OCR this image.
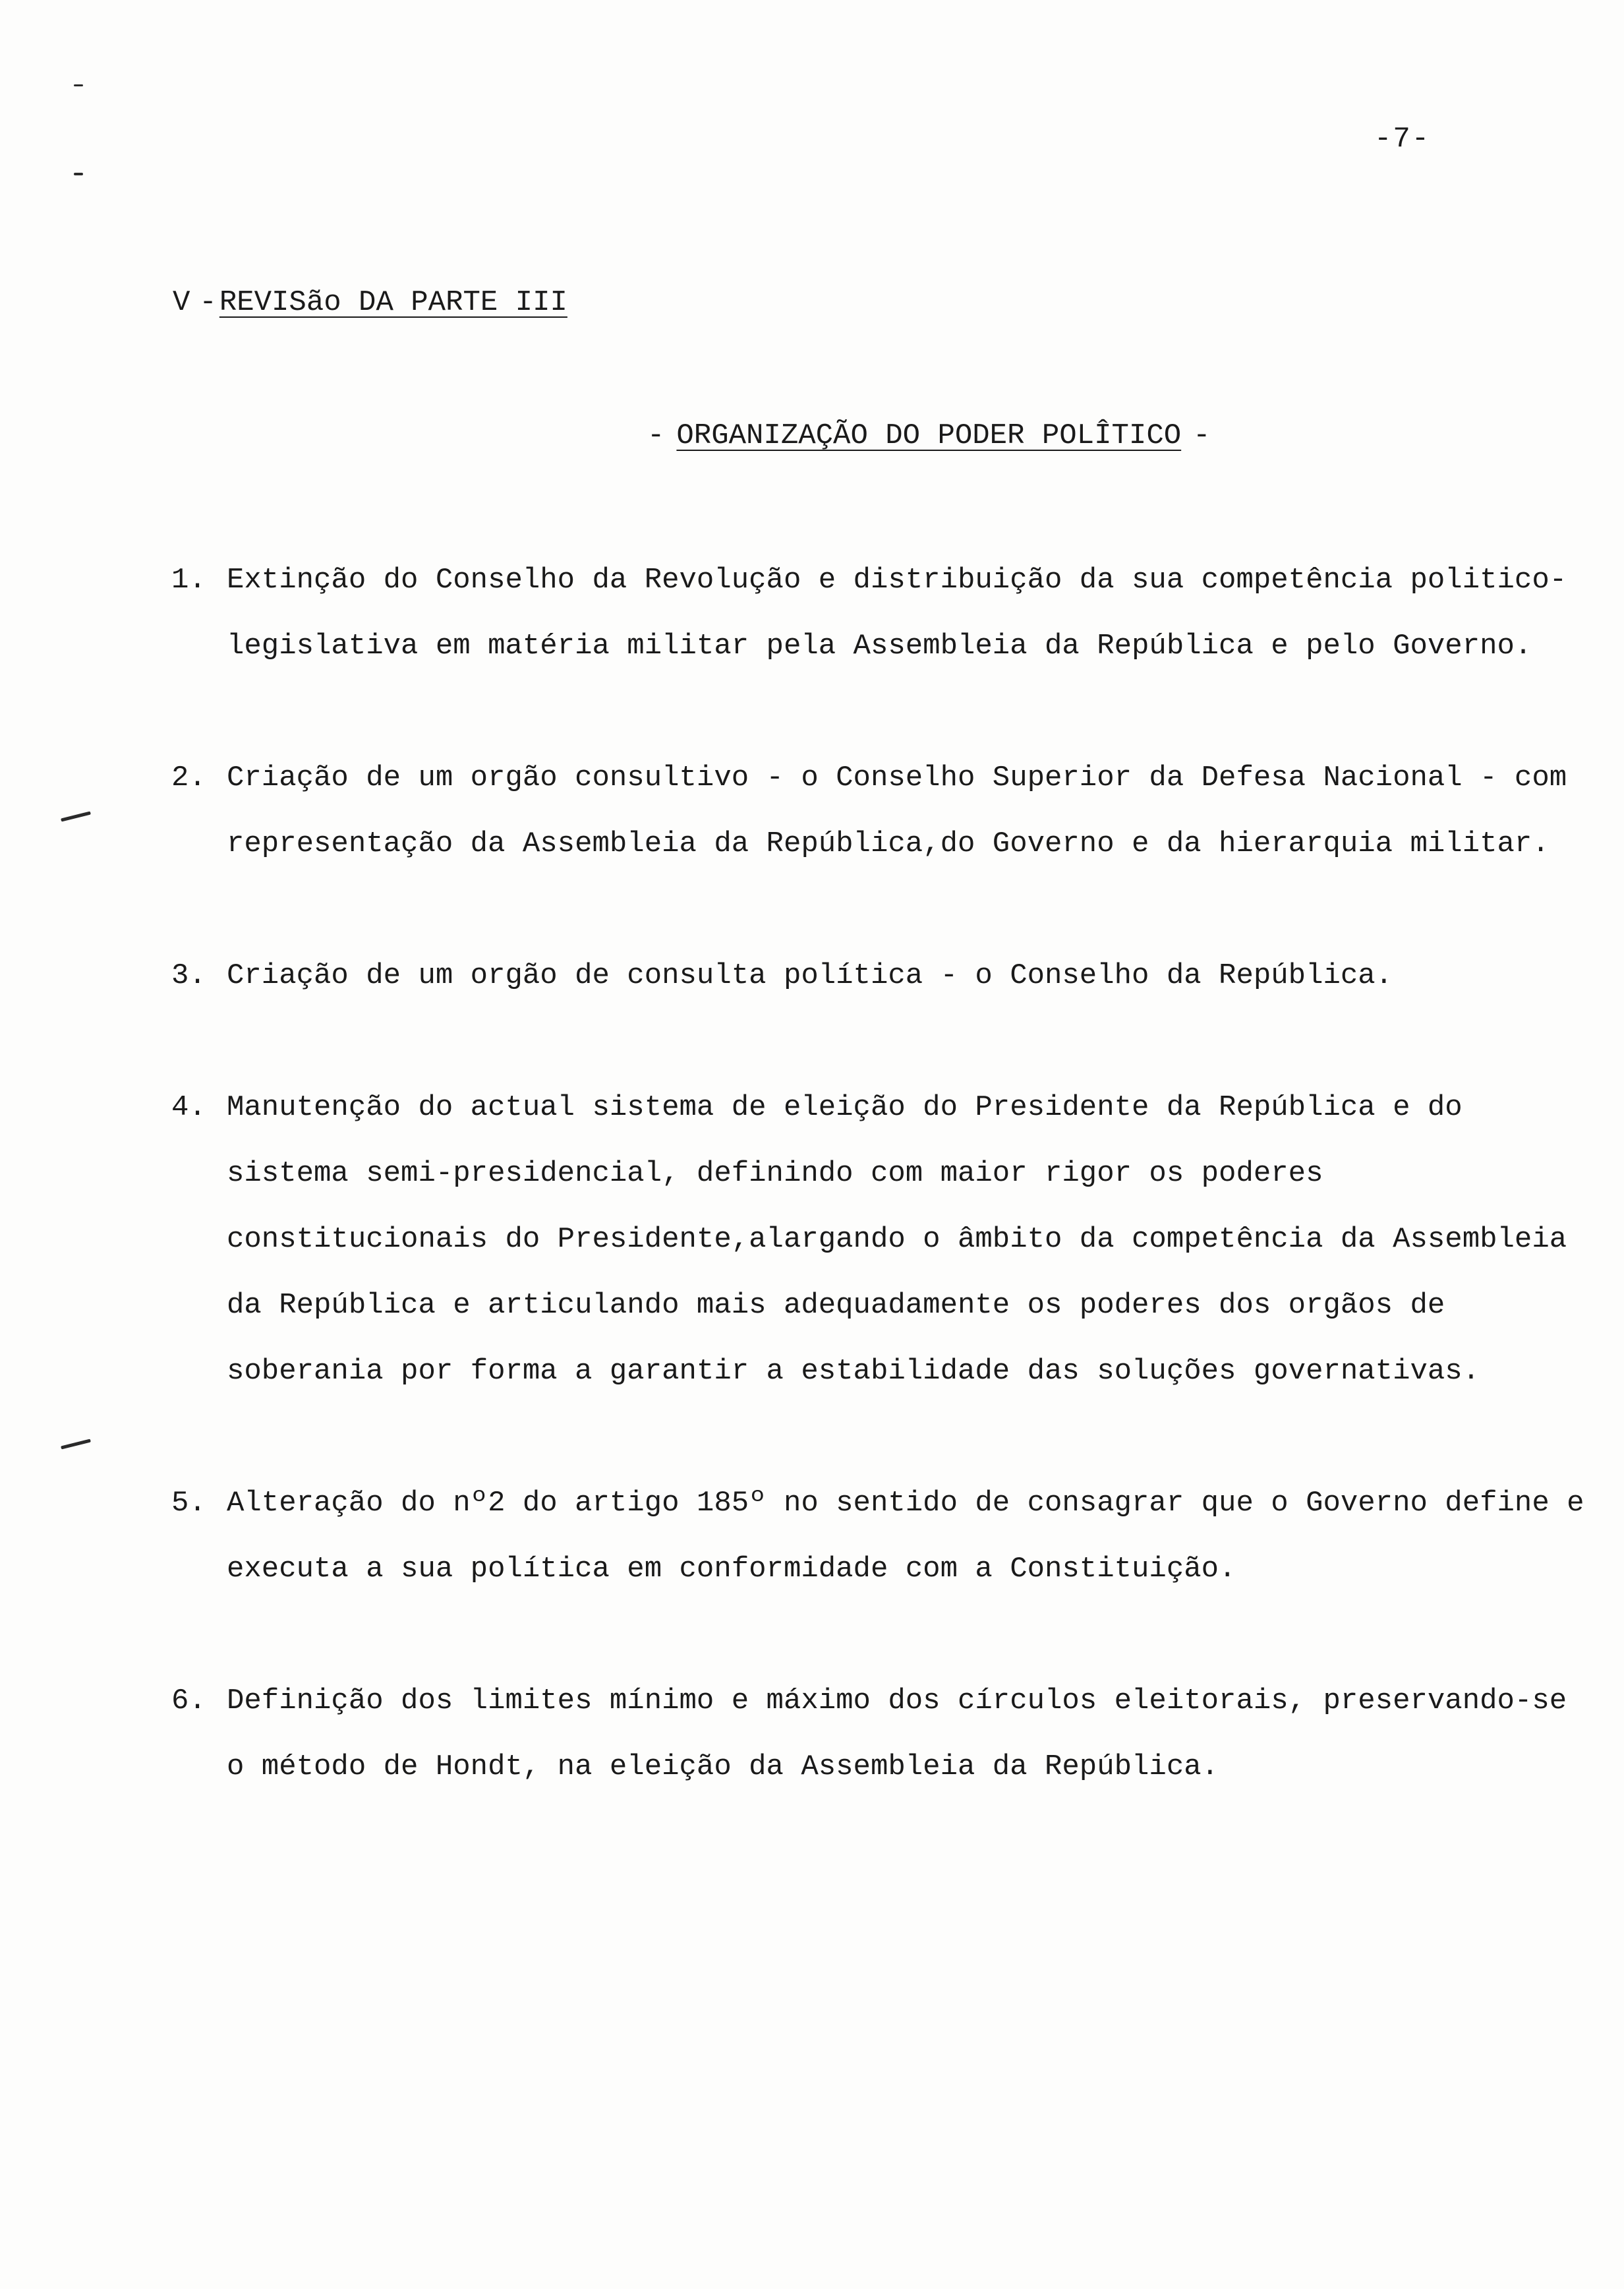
-7-
V -REVISão DA PARTE III
- ORGANIZAÇÃO DO PODER POLÎTICO -
1. Extinção do Conselho da Revolução e distribuição da sua competência politico-legislativa em matéria militar pela Assembleia da República e pelo Governo.
2. Criação de um orgão consultivo - o Conselho Superior da Defesa Nacional - com representação da Assembleia da República,do Governo e da hierarquia militar.
3. Criação de um orgão de consulta política - o Conselho da República.
4. Manutenção do actual sistema de eleição do Presidente da República e do sistema semi-presidencial, definindo com maior rigor os poderes constitucionais do Presidente,alargando o âmbito da competência da Assembleia da República e articulando mais adequadamente os poderes dos orgãos de soberania por forma a garantir a estabilidade das soluções governativas.
5. Alteração do nº2 do artigo 185º no sentido de consagrar que o Governo define e executa a sua política em conformidade com a Constituição.
6. Definição dos limites mínimo e máximo dos círculos eleitorais, preservando-se o método de Hondt, na eleição da Assembleia da República.
